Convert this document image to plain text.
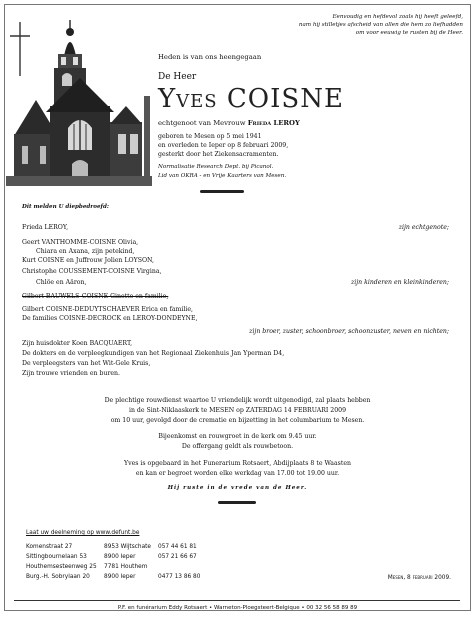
Eenvoudig en hefdevol zoals hij heeft geleefd,
nam hij stilletjes afscheid van allen die hem zo liefhadden
om voor eeuwig te rusten bij de Heer.
Heden is van ons heengegaan
De Heer
Yves COISNE
echtgenoot van Mevrouw Frieda LEROY
geboren te Mesen op 5 mei 1941
en overleden te Ieper op 8 februari 2009,
gesterkt door het Ziekensacramenten.
Normalisatie Research Dept. bij Picanol.
Lid van OKRA - en Vrije Kaarters van Mesen.
Dit melden U diepbedroefd:
Frieda LEROY,	zijn echtgenote;
Geert VANTHOMME-COISNE Olivia,
Chiara en Axana, zijn petekind,
Kurt COISNE en Juffrouw Jolien LOYSON,
Christophe COUSSEMENT-COISNE Virgina,
Chlöe en Aäron,	zijn kinderen en kleinkinderen;
Gilbert BAUWELS-COISNE Ginette en familie,
Gilbert COISNE-DEDUYTSCHAEVER Erica en familie,
De families COISNE-DECROCK en LEROY-DONDEYNE,
zijn broer, zuster, schoonbroer, schoonzuster, neven en nichten;
Zijn huisdokter Koen BACQUAERT,
De dokters en de verpleegkundigen van het Regionaal Ziekenhuis Jan Yperman D4,
De verpleegsters van het Wit-Gele Kruis,
Zijn trouwe vrienden en buren.
De plechtige rouwdienst waartoe U vriendelijk wordt uitgenodigd, zal plaats hebben
in de Sint-Niklaaskerk te MESEN op ZATERDAG 14 FEBRUARI 2009
om 10 uur, gevolgd door de crematie en bijzetting in het columbarium te Mesen.
Bijeenkomst en rouwgroet in de kerk om 9.45 uur.
De offergang geldt als rouwbetoon.
Yves is opgebaard in het Funerarium Rotsaert, Abdijplaats 8 te Waasten
en kan er begroet worden elke werkdag van 17.00 tot 19.00 uur.
Hij ruste in de vrede van de Heer.
Laat uw deelneming op www.defunt.be
Komenstraat 27	8953 Wijtschate 057 44 61 81
Sittingbournelaan 53	8900 Ieper	057 21 66 67
Houthemsesteenweg 25 7781 Houthem
Burg.-H. Sobrylaan 20 8900 Ieper	0477 13 86 80	Mesen, 8 februari 2009.
P.F. en funérarium Eddy Rotsaert • Warneton-Ploegsteert-Belgique • 00 32 56 58 89 89
